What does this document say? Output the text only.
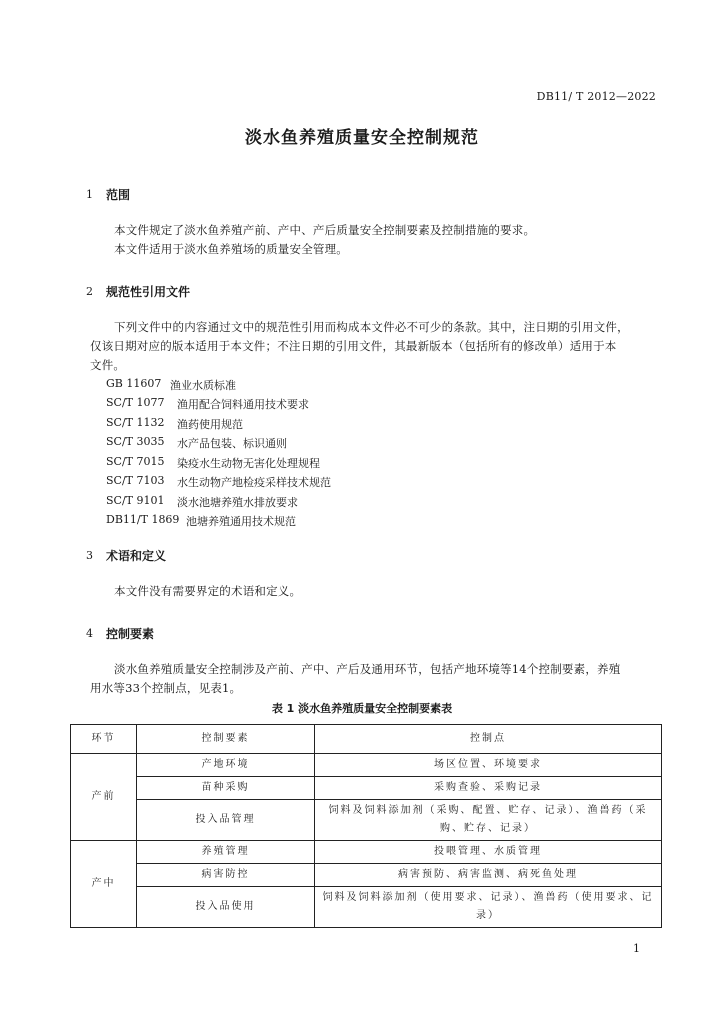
DB11/ T 2012—2022
淡水鱼养殖质量安全控制规范
1 范围
本文件规定了淡水鱼养殖产前、产中、产后质量安全控制要素及控制措施的要求。
本文件适用于淡水鱼养殖场的质量安全管理。
2 规范性引用文件
下列文件中的内容通过文中的规范性引用而构成本文件必不可少的条款。其中，注日期的引用文件，
仅该日期对应的版本适用于本文件；不注日期的引用文件，其最新版本（包括所有的修改单）适用于本
文件。
GB 11607 渔业水质标准
SC/T 1077 渔用配合饲料通用技术要求
SC/T 1132 渔药使用规范
SC/T 3035 水产品包装、标识通则
SC/T 7015 染疫水生动物无害化处理规程
SC/T 7103 水生动物产地检疫采样技术规范
SC/T 9101 淡水池塘养殖水排放要求
DB11/T 1869 池塘养殖通用技术规范
3 术语和定义
本文件没有需要界定的术语和定义。
4 控制要素
淡水鱼养殖质量安全控制涉及产前、产中、产后及通用环节，包括产地环境等14个控制要素，养殖
用水等33个控制点，见表1。
表 1 淡水鱼养殖质量安全控制要素表
环节	控制要素	控制点
产前	产地环境	场区位置、环境要求
	苗种采购	采购查验、采购记录
	投入品管理	饲料及饲料添加剂（采购、配置、贮存、记录）、渔兽药（采购、贮存、记录）
产中	养殖管理	投喂管理、水质管理
	病害防控	病害预防、病害监测、病死鱼处理
	投入品使用	饲料及饲料添加剂（使用要求、记录）、渔兽药（使用要求、记录）
1
